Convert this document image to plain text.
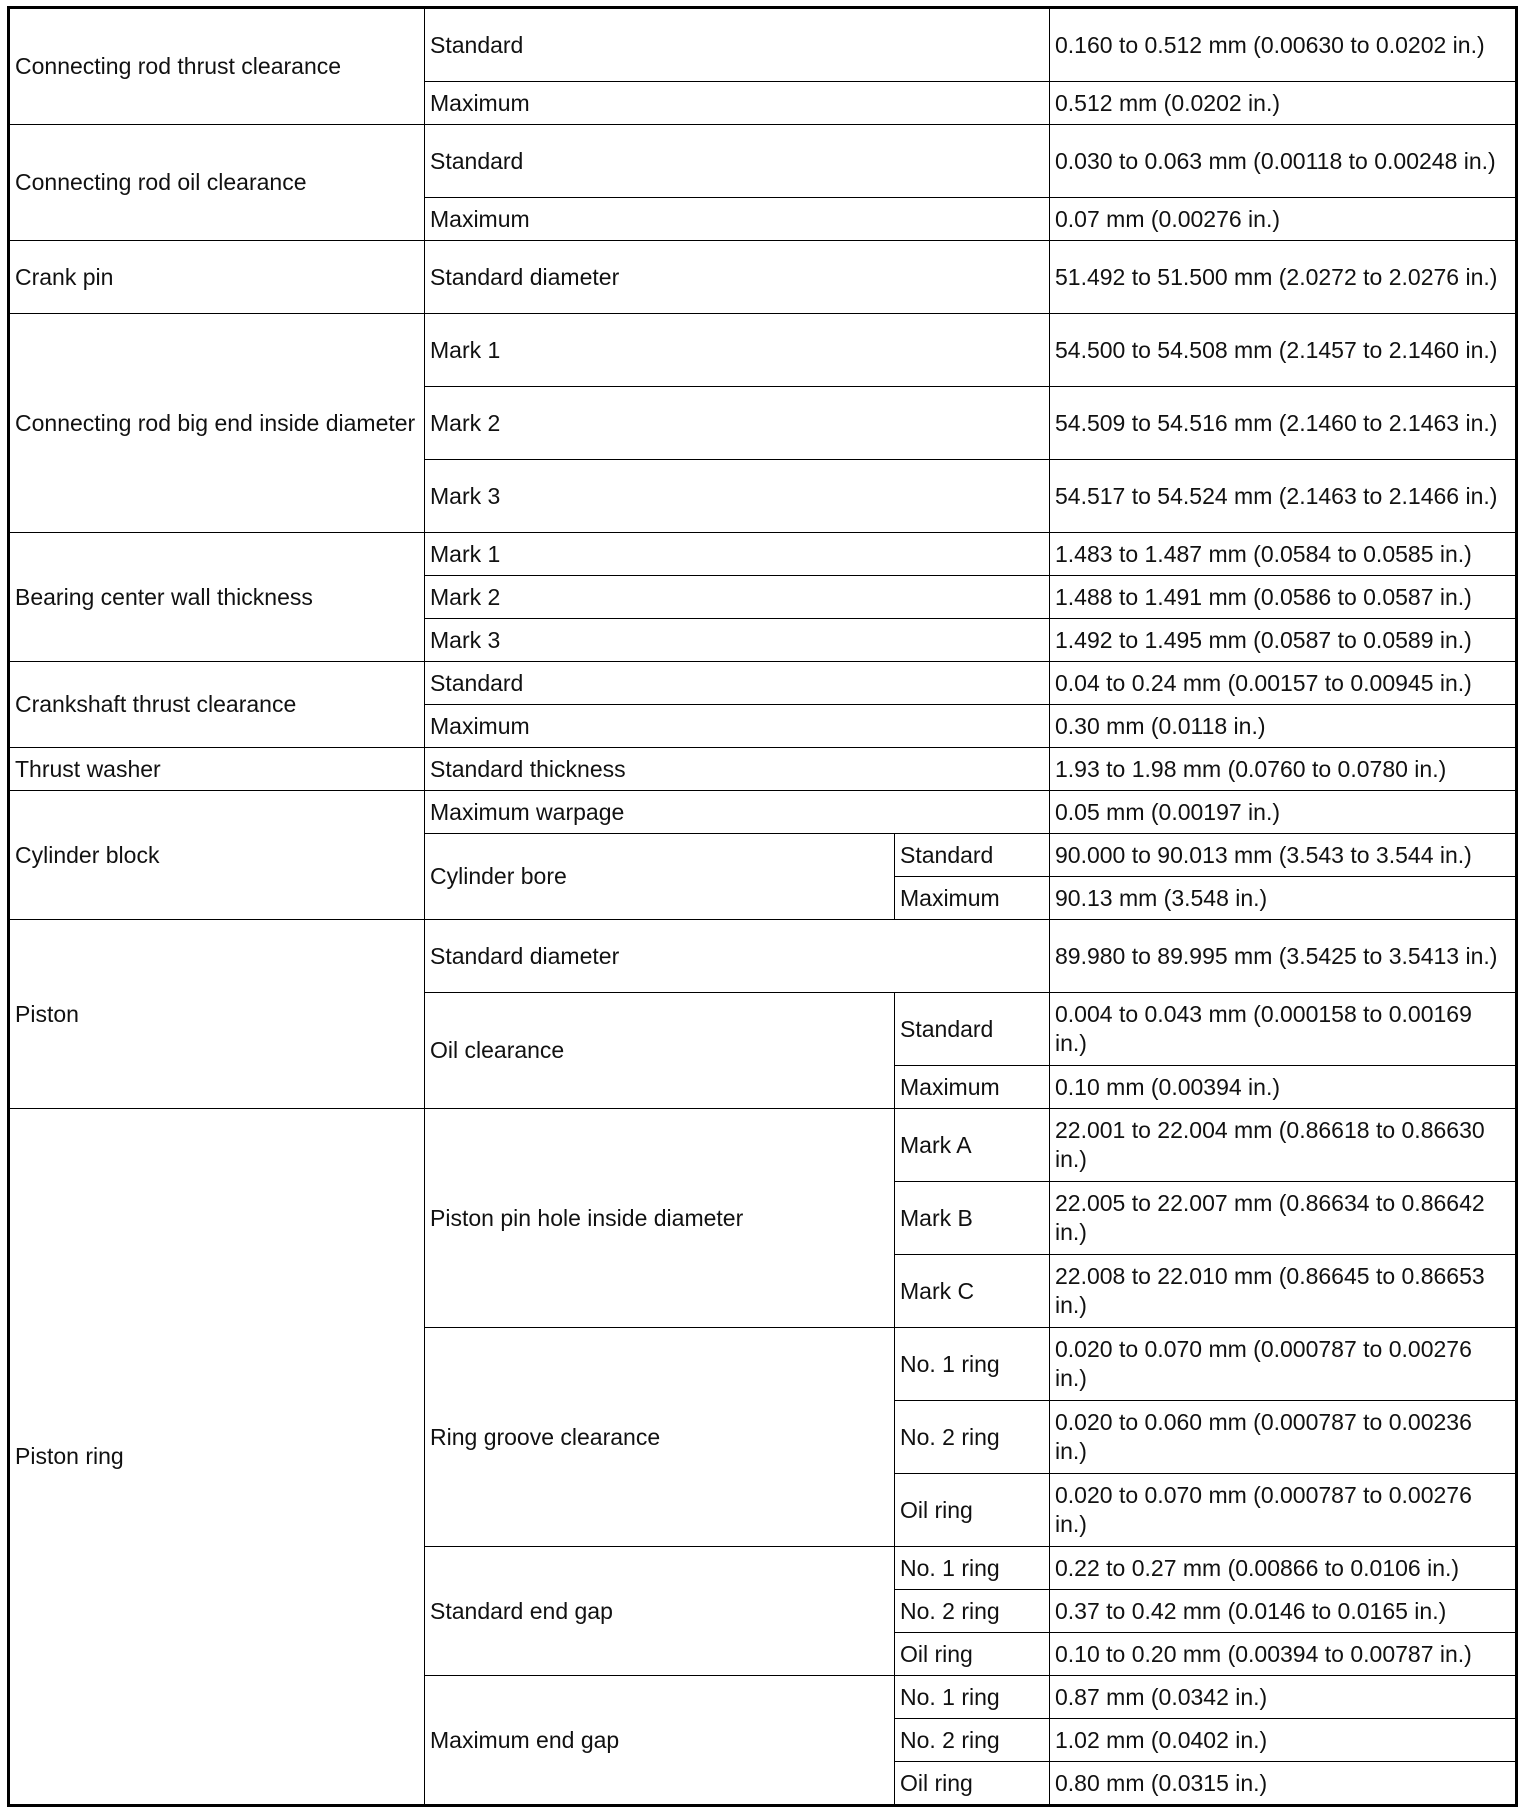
Connecting rod thrust clearance	Standard		0.160 to 0.512 mm (0.00630 to 0.0202 in.)
	Maximum		0.512 mm (0.0202 in.)
Connecting rod oil clearance	Standard		0.030 to 0.063 mm (0.00118 to 0.00248 in.)
	Maximum		0.07 mm (0.00276 in.)
Crank pin	Standard diameter		51.492 to 51.500 mm (2.0272 to 2.0276 in.)
Connecting rod big end inside diameter	Mark 1		54.500 to 54.508 mm (2.1457 to 2.1460 in.)
	Mark 2		54.509 to 54.516 mm (2.1460 to 2.1463 in.)
	Mark 3		54.517 to 54.524 mm (2.1463 to 2.1466 in.)
Bearing center wall thickness	Mark 1		1.483 to 1.487 mm (0.0584 to 0.0585 in.)
	Mark 2		1.488 to 1.491 mm (0.0586 to 0.0587 in.)
	Mark 3		1.492 to 1.495 mm (0.0587 to 0.0589 in.)
Crankshaft thrust clearance	Standard		0.04 to 0.24 mm (0.00157 to 0.00945 in.)
	Maximum		0.30 mm (0.0118 in.)
Thrust washer	Standard thickness		1.93 to 1.98 mm (0.0760 to 0.0780 in.)
Cylinder block	Maximum warpage		0.05 mm (0.00197 in.)
	Cylinder bore	Standard	90.000 to 90.013 mm (3.543 to 3.544 in.)
		Maximum	90.13 mm (3.548 in.)
Piston	Standard diameter		89.980 to 89.995 mm (3.5425 to 3.5413 in.)
	Oil clearance	Standard	0.004 to 0.043 mm (0.000158 to 0.00169 in.)
		Maximum	0.10 mm (0.00394 in.)
Piston ring	Piston pin hole inside diameter	Mark A	22.001 to 22.004 mm (0.86618 to 0.86630 in.)
		Mark B	22.005 to 22.007 mm (0.86634 to 0.86642 in.)
		Mark C	22.008 to 22.010 mm (0.86645 to 0.86653 in.)
	Ring groove clearance	No. 1 ring	0.020 to 0.070 mm (0.000787 to 0.00276 in.)
		No. 2 ring	0.020 to 0.060 mm (0.000787 to 0.00236 in.)
		Oil ring	0.020 to 0.070 mm (0.000787 to 0.00276 in.)
	Standard end gap	No. 1 ring	0.22 to 0.27 mm (0.00866 to 0.0106 in.)
		No. 2 ring	0.37 to 0.42 mm (0.0146 to 0.0165 in.)
		Oil ring	0.10 to 0.20 mm (0.00394 to 0.00787 in.)
	Maximum end gap	No. 1 ring	0.87 mm (0.0342 in.)
		No. 2 ring	1.02 mm (0.0402 in.)
		Oil ring	0.80 mm (0.0315 in.)
